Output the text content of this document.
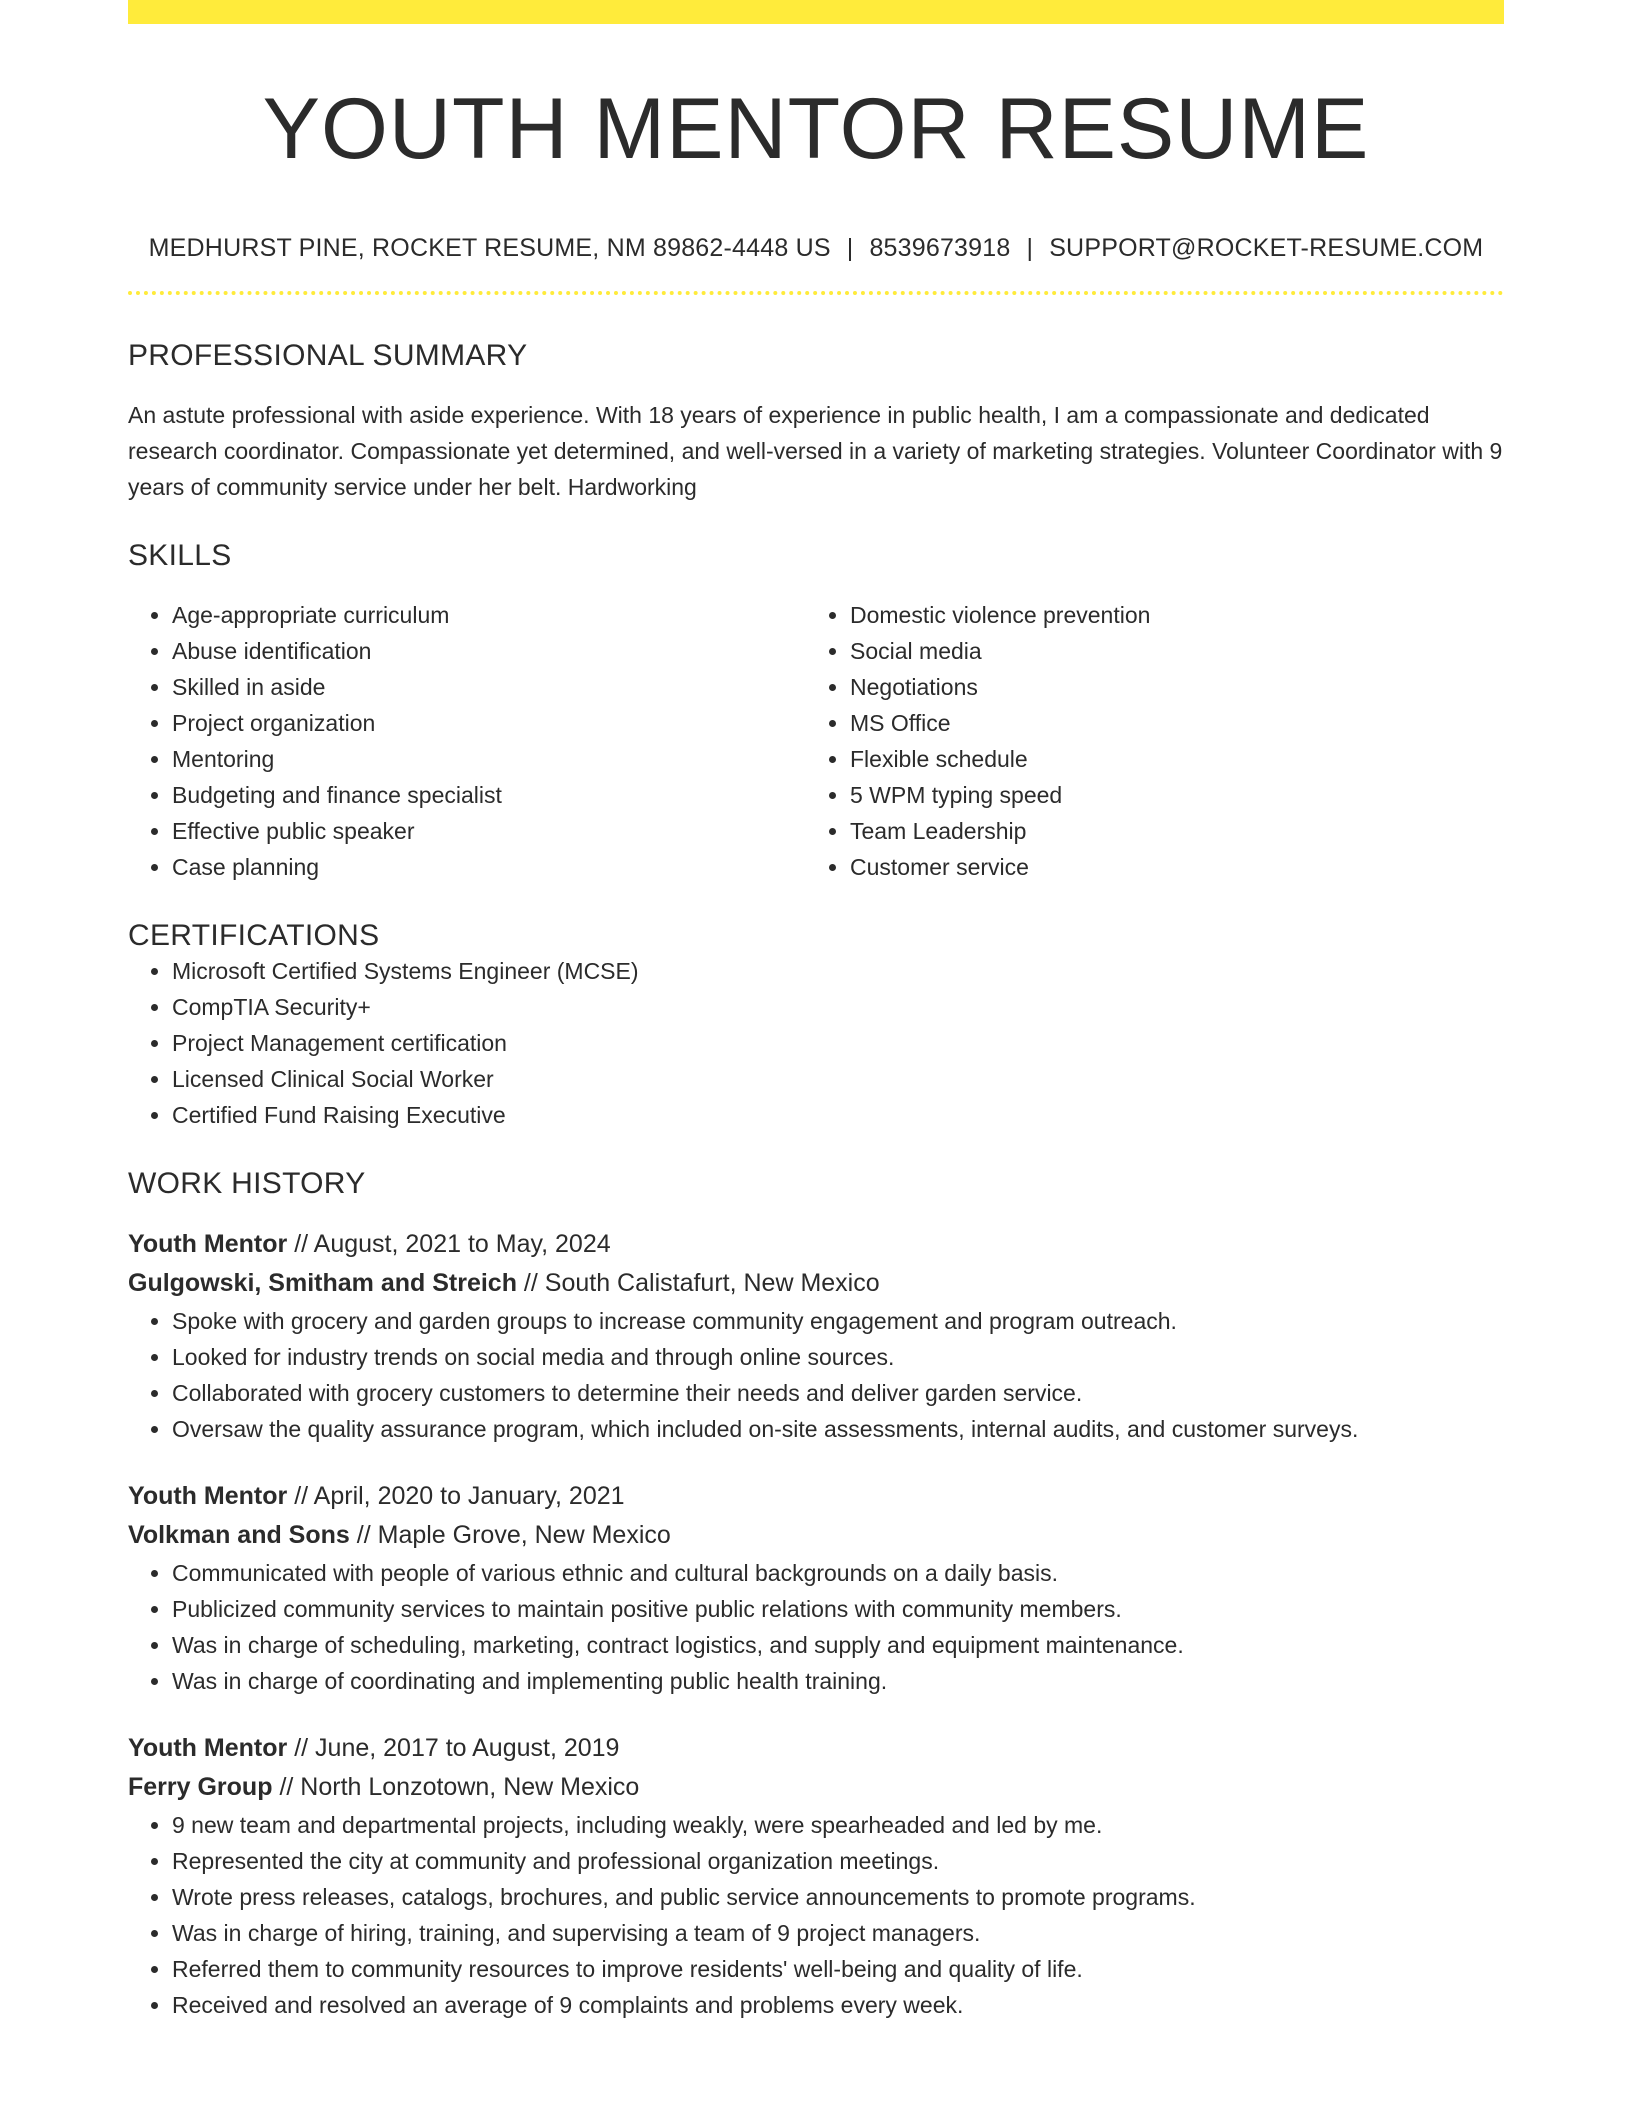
YOUTH MENTOR RESUME
MEDHURST PINE, ROCKET RESUME, NM 89862-4448 US | 8539673918 | SUPPORT@ROCKET-RESUME.COM
PROFESSIONAL SUMMARY

An astute professional with aside experience. With 18 years of experience in public health, I am a compassionate and dedicated research coordinator. Compassionate yet determined, and well-versed in a variety of marketing strategies. Volunteer Coordinator with 9 years of community service under her belt. Hardworking

SKILLS
• Age-appropriate curriculum
• Abuse identification
• Skilled in aside
• Project organization
• Mentoring
• Budgeting and finance specialist
• Effective public speaker
• Case planning
• Domestic violence prevention
• Social media
• Negotiations
• MS Office
• Flexible schedule
• 5 WPM typing speed
• Team Leadership
• Customer service
CERTIFICATIONS
• Microsoft Certified Systems Engineer (MCSE)
• CompTIA Security+
• Project Management certification
• Licensed Clinical Social Worker
• Certified Fund Raising Executive
WORK HISTORY
Youth Mentor // August, 2021 to May, 2024
Gulgowski, Smitham and Streich // South Calistafurt, New Mexico
• Spoke with grocery and garden groups to increase community engagement and program outreach.
• Looked for industry trends on social media and through online sources.
• Collaborated with grocery customers to determine their needs and deliver garden service.
• Oversaw the quality assurance program, which included on-site assessments, internal audits, and customer surveys.
Youth Mentor // April, 2020 to January, 2021
Volkman and Sons // Maple Grove, New Mexico
• Communicated with people of various ethnic and cultural backgrounds on a daily basis.
• Publicized community services to maintain positive public relations with community members.
• Was in charge of scheduling, marketing, contract logistics, and supply and equipment maintenance.
• Was in charge of coordinating and implementing public health training.
Youth Mentor // June, 2017 to August, 2019
Ferry Group // North Lonzotown, New Mexico
• 9 new team and departmental projects, including weakly, were spearheaded and led by me.
• Represented the city at community and professional organization meetings.
• Wrote press releases, catalogs, brochures, and public service announcements to promote programs.
• Was in charge of hiring, training, and supervising a team of 9 project managers.
• Referred them to community resources to improve residents' well-being and quality of life.
• Received and resolved an average of 9 complaints and problems every week.
